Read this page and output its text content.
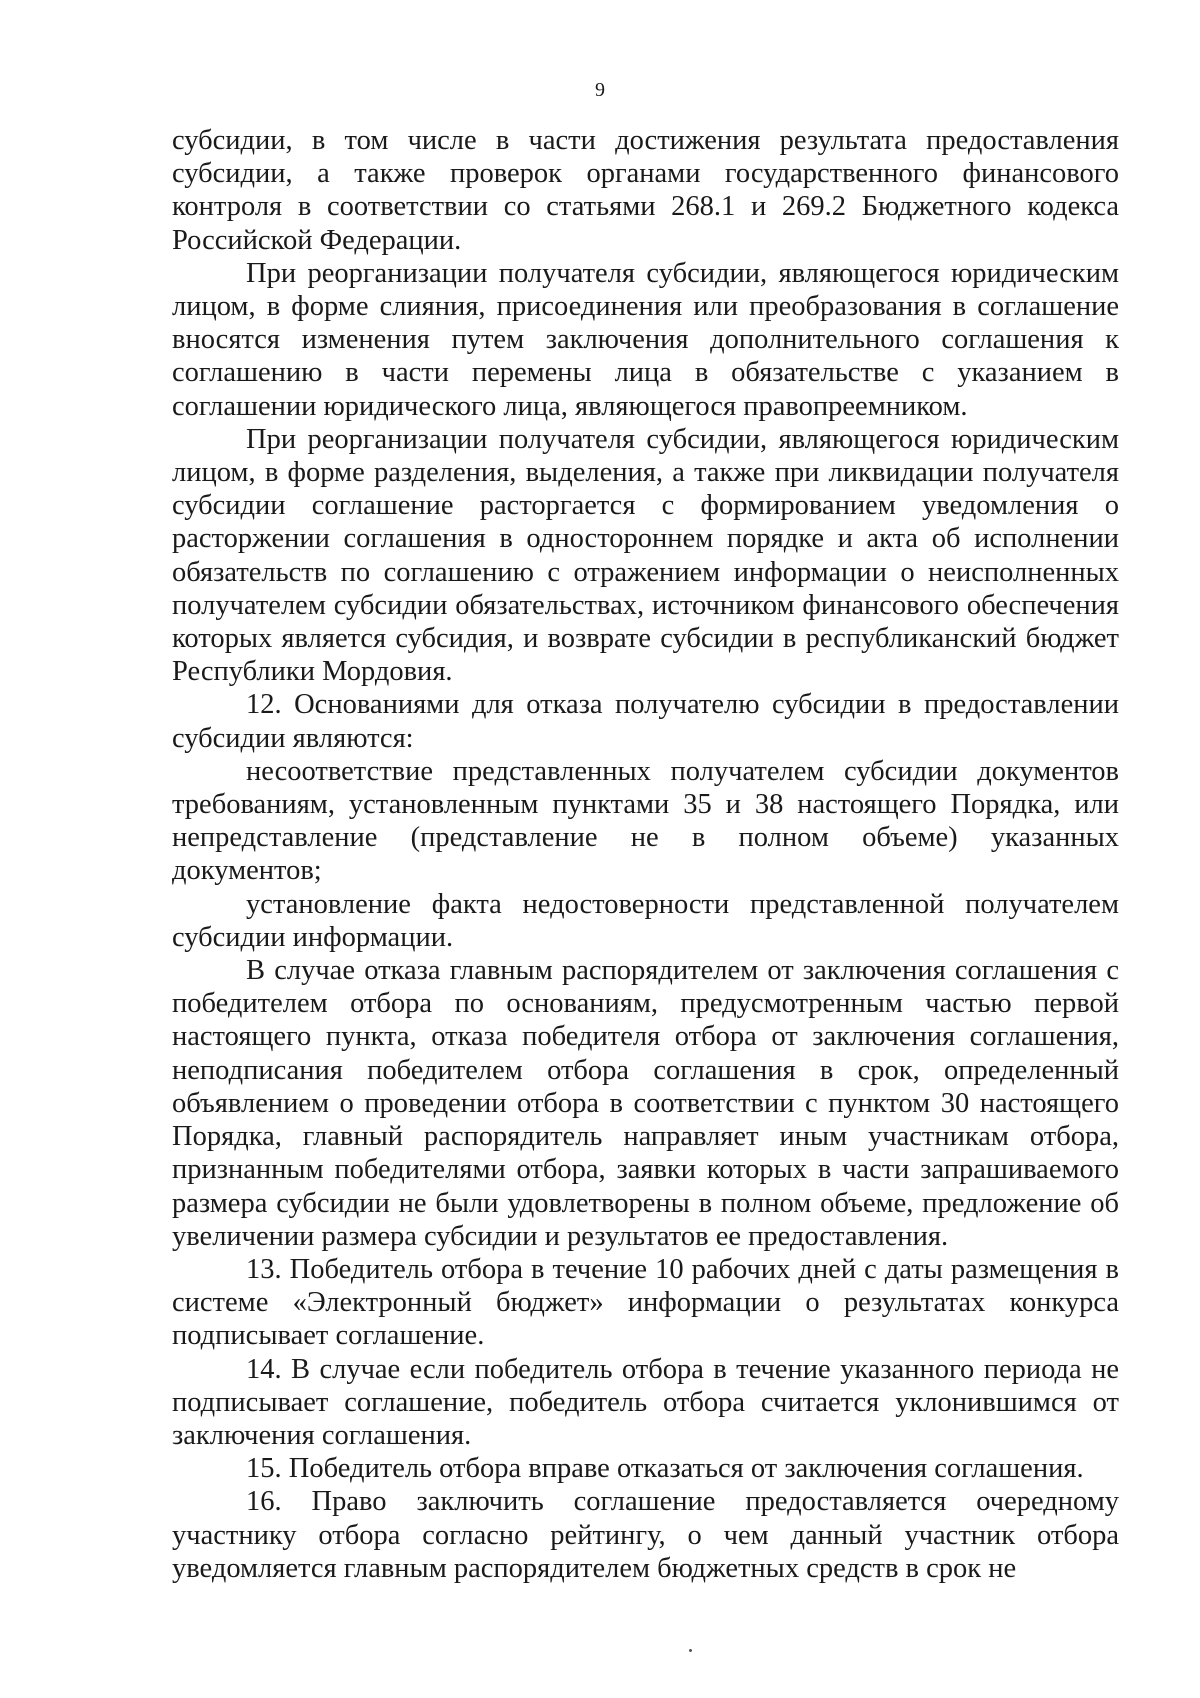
9

субсидии, в том числе в части достижения результата предоставления субсидии, а также проверок органами государственного финансового контроля в соответствии со статьями 268.1 и 269.2 Бюджетного кодекса Российской Федерации.

При реорганизации получателя субсидии, являющегося юридическим лицом, в форме слияния, присоединения или преобразования в соглашение вносятся изменения путем заключения дополнительного соглашения к соглашению в части перемены лица в обязательстве с указанием в соглашении юридического лица, являющегося правопреемником.

При реорганизации получателя субсидии, являющегося юридическим лицом, в форме разделения, выделения, а также при ликвидации получателя субсидии соглашение расторгается с формированием уведомления о расторжении соглашения в одностороннем порядке и акта об исполнении обязательств по соглашению с отражением информации о неисполненных получателем субсидии обязательствах, источником финансового обеспечения которых является субсидия, и возврате субсидии в республиканский бюджет Республики Мордовия.

12. Основаниями для отказа получателю субсидии в предоставлении субсидии являются:

несоответствие представленных получателем субсидии документов требованиям, установленным пунктами 35 и 38 настоящего Порядка, или непредставление (представление не в полном объеме) указанных документов;

установление факта недостоверности представленной получателем субсидии информации.

В случае отказа главным распорядителем от заключения соглашения с победителем отбора по основаниям, предусмотренным частью первой настоящего пункта, отказа победителя отбора от заключения соглашения, неподписания победителем отбора соглашения в срок, определенный объявлением о проведении отбора в соответствии с пунктом 30 настоящего Порядка, главный распорядитель направляет иным участникам отбора, признанным победителями отбора, заявки которых в части запрашиваемого размера субсидии не были удовлетворены в полном объеме, предложение об увеличении размера субсидии и результатов ее предоставления.

13. Победитель отбора в течение 10 рабочих дней с даты размещения в системе «Электронный бюджет» информации о результатах конкурса подписывает соглашение.

14. В случае если победитель отбора в течение указанного периода не подписывает соглашение, победитель отбора считается уклонившимся от заключения соглашения.

15. Победитель отбора вправе отказаться от заключения соглашения.

16. Право заключить соглашение предоставляется очередному участнику отбора согласно рейтингу, о чем данный участник отбора уведомляется главным распорядителем бюджетных средств в срок не
